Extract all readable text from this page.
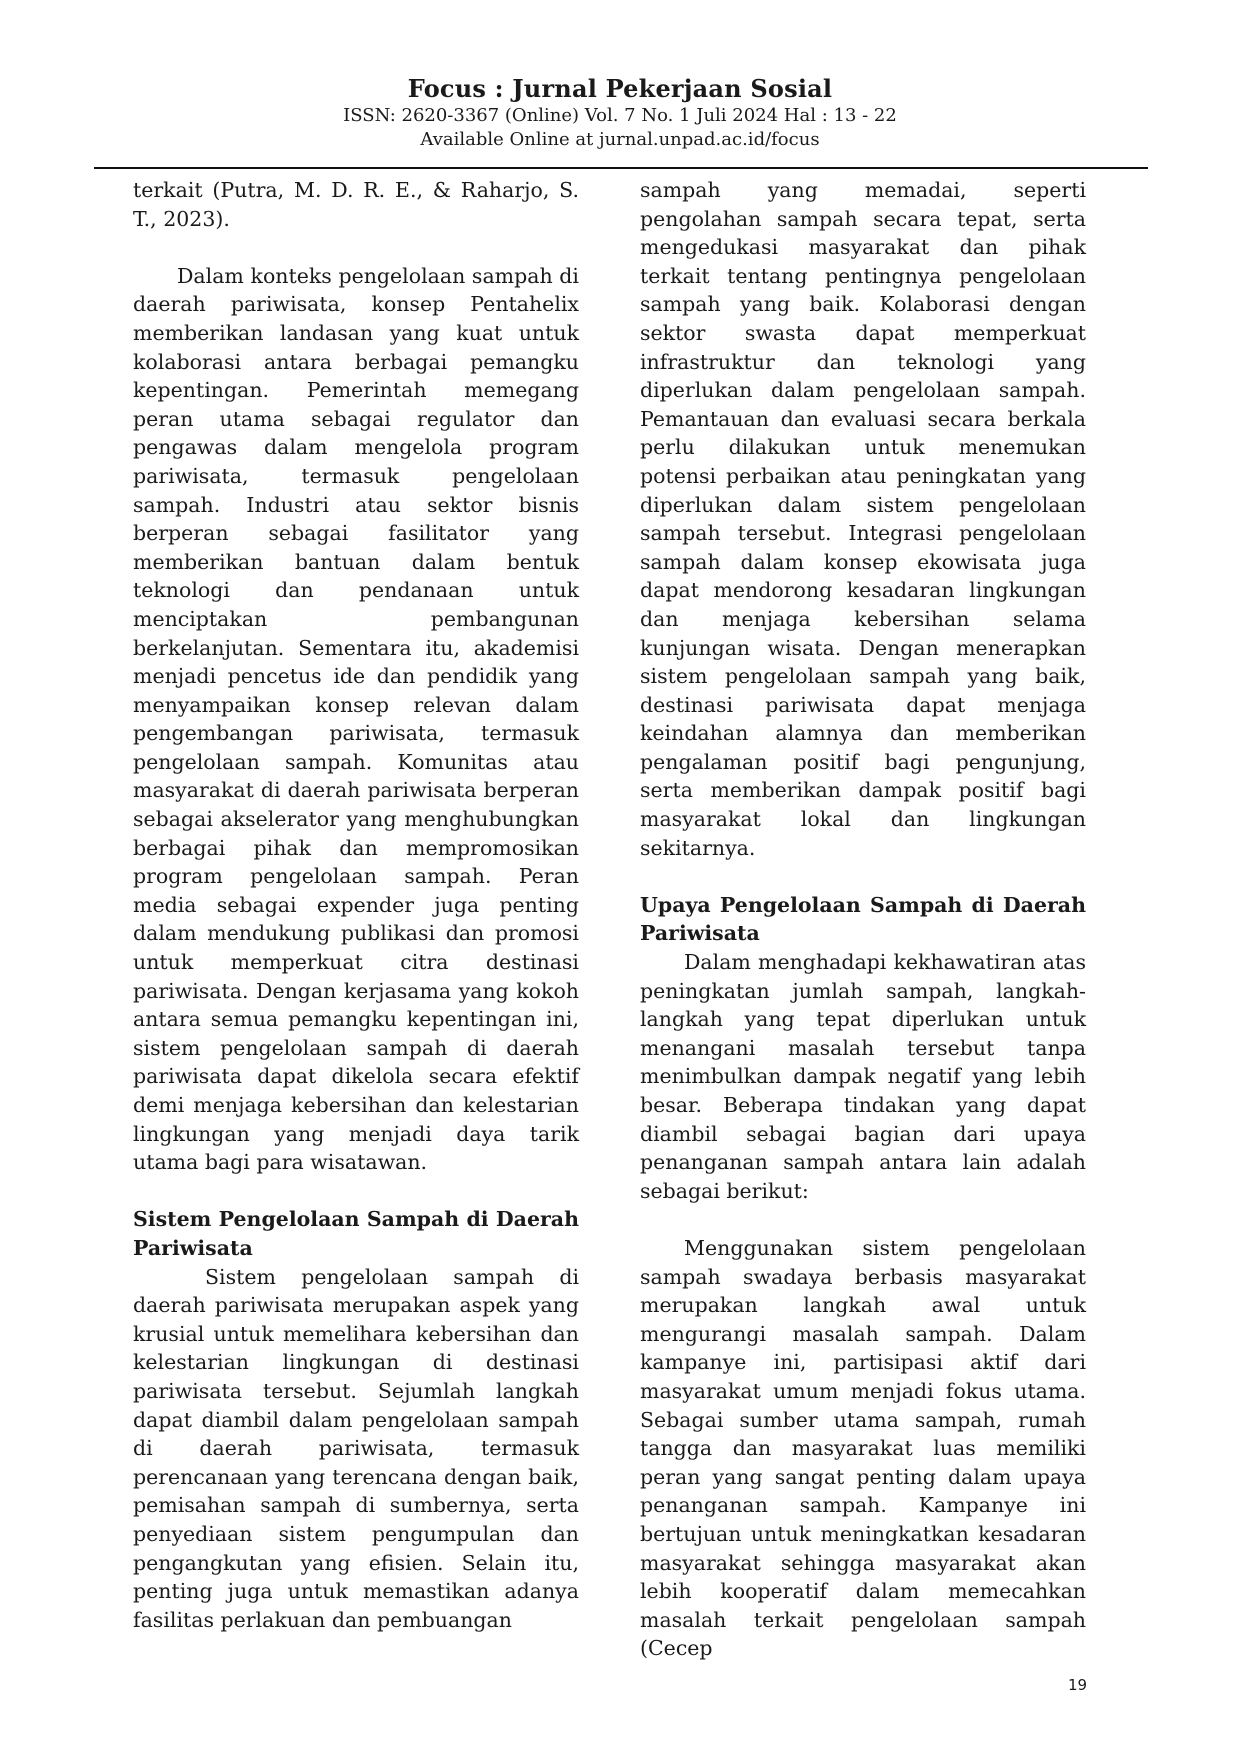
Focus : Jurnal Pekerjaan Sosial
ISSN: 2620-3367 (Online) Vol. 7 No. 1 Juli 2024 Hal : 13 - 22
Available Online at jurnal.unpad.ac.id/focus

terkait (Putra, M. D. R. E., & Raharjo, S. T., 2023).

Dalam konteks pengelolaan sampah di daerah pariwisata, konsep Pentahelix memberikan landasan yang kuat untuk kolaborasi antara berbagai pemangku kepentingan. Pemerintah memegang peran utama sebagai regulator dan pengawas dalam mengelola program pariwisata, termasuk pengelolaan sampah. Industri atau sektor bisnis berperan sebagai fasilitator yang memberikan bantuan dalam bentuk teknologi dan pendanaan untuk menciptakan pembangunan berkelanjutan. Sementara itu, akademisi menjadi pencetus ide dan pendidik yang menyampaikan konsep relevan dalam pengembangan pariwisata, termasuk pengelolaan sampah. Komunitas atau masyarakat di daerah pariwisata berperan sebagai akselerator yang menghubungkan berbagai pihak dan mempromosikan program pengelolaan sampah. Peran media sebagai expender juga penting dalam mendukung publikasi dan promosi untuk memperkuat citra destinasi pariwisata. Dengan kerjasama yang kokoh antara semua pemangku kepentingan ini, sistem pengelolaan sampah di daerah pariwisata dapat dikelola secara efektif demi menjaga kebersihan dan kelestarian lingkungan yang menjadi daya tarik utama bagi para wisatawan.

Sistem Pengelolaan Sampah di Daerah Pariwisata

Sistem pengelolaan sampah di daerah pariwisata merupakan aspek yang krusial untuk memelihara kebersihan dan kelestarian lingkungan di destinasi pariwisata tersebut. Sejumlah langkah dapat diambil dalam pengelolaan sampah di daerah pariwisata, termasuk perencanaan yang terencana dengan baik, pemisahan sampah di sumbernya, serta penyediaan sistem pengumpulan dan pengangkutan yang efisien. Selain itu, penting juga untuk memastikan adanya fasilitas perlakuan dan pembuangan

sampah yang memadai, seperti pengolahan sampah secara tepat, serta mengedukasi masyarakat dan pihak terkait tentang pentingnya pengelolaan sampah yang baik. Kolaborasi dengan sektor swasta dapat memperkuat infrastruktur dan teknologi yang diperlukan dalam pengelolaan sampah. Pemantauan dan evaluasi secara berkala perlu dilakukan untuk menemukan potensi perbaikan atau peningkatan yang diperlukan dalam sistem pengelolaan sampah tersebut. Integrasi pengelolaan sampah dalam konsep ekowisata juga dapat mendorong kesadaran lingkungan dan menjaga kebersihan selama kunjungan wisata. Dengan menerapkan sistem pengelolaan sampah yang baik, destinasi pariwisata dapat menjaga keindahan alamnya dan memberikan pengalaman positif bagi pengunjung, serta memberikan dampak positif bagi masyarakat lokal dan lingkungan sekitarnya.

Upaya Pengelolaan Sampah di Daerah Pariwisata

Dalam menghadapi kekhawatiran atas peningkatan jumlah sampah, langkah-langkah yang tepat diperlukan untuk menangani masalah tersebut tanpa menimbulkan dampak negatif yang lebih besar. Beberapa tindakan yang dapat diambil sebagai bagian dari upaya penanganan sampah antara lain adalah sebagai berikut:

Menggunakan sistem pengelolaan sampah swadaya berbasis masyarakat merupakan langkah awal untuk mengurangi masalah sampah. Dalam kampanye ini, partisipasi aktif dari masyarakat umum menjadi fokus utama. Sebagai sumber utama sampah, rumah tangga dan masyarakat luas memiliki peran yang sangat penting dalam upaya penanganan sampah. Kampanye ini bertujuan untuk meningkatkan kesadaran masyarakat sehingga masyarakat akan lebih kooperatif dalam memecahkan masalah terkait pengelolaan sampah (Cecep

19
